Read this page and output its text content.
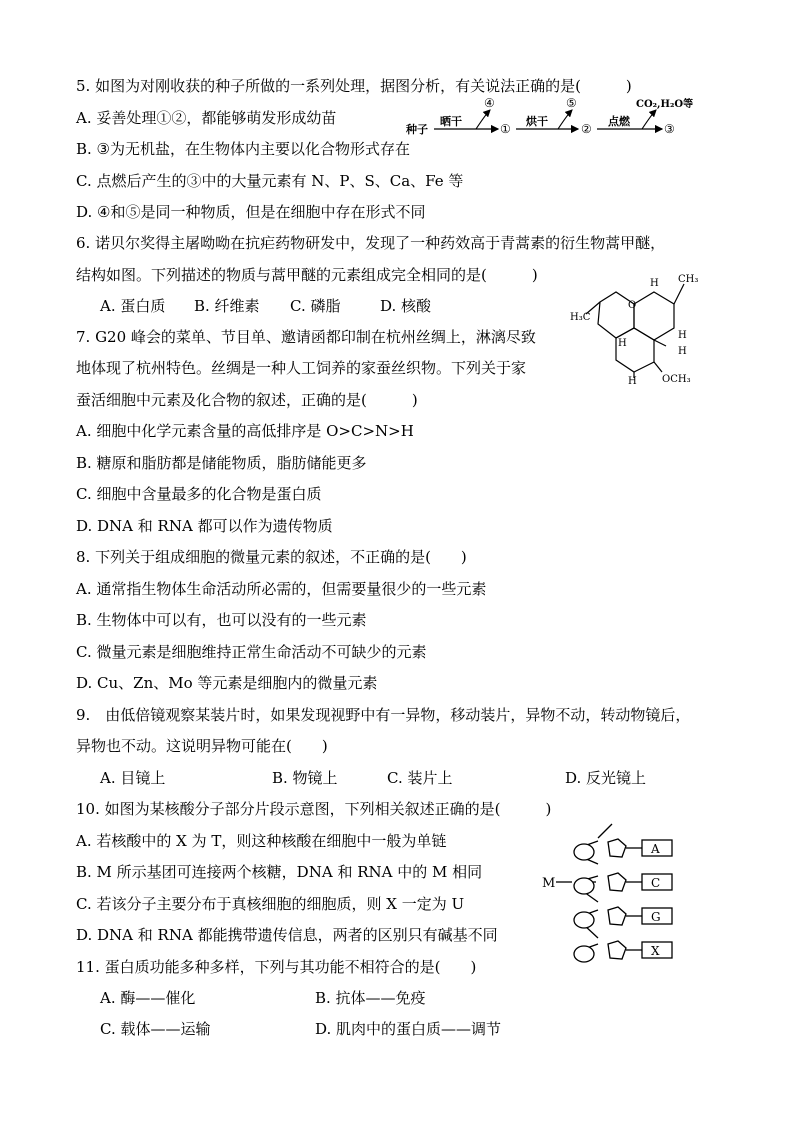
5. 如图为对刚收获的种子所做的一系列处理，据图分析，有关说法正确的是(　　　)
A. 妥善处理①②，都能够萌发形成幼苗
B. ③为无机盐，在生物体内主要以化合物形式存在
C. 点燃后产生的③中的大量元素有 N、P、S、Ca、Fe 等
D. ④和⑤是同一种物质，但是在细胞中存在形式不同
种子
晒干
④
①
烘干
⑤
②
点燃
CO₂,H₂O等
③
6. 诺贝尔奖得主屠呦呦在抗疟药物研发中，发现了一种药效高于青蒿素的衍生物蒿甲醚，
结构如图。下列描述的物质与蒿甲醚的元素组成完全相同的是(　　　)
A. 蛋白质 B. 纤维素 C. 磷脂	D. 核酸
CH₃
H₃C
H
H
H
H
H
O
OCH₃
7. G20 峰会的菜单、节目单、邀请函都印制在杭州丝绸上，淋漓尽致
地体现了杭州特色。丝绸是一种人工饲养的家蚕丝织物。下列关于家
蚕活细胞中元素及化合物的叙述，正确的是(　　　)
A. 细胞中化学元素含量的高低排序是 O>C>N>H
B. 糖原和脂肪都是储能物质，脂肪储能更多
C. 细胞中含量最多的化合物是蛋白质
D. DNA 和 RNA 都可以作为遗传物质
8. 下列关于组成细胞的微量元素的叙述，不正确的是(　　)
A. 通常指生物体生命活动所必需的，但需要量很少的一些元素
B. 生物体中可以有，也可以没有的一些元素
C. 微量元素是细胞维持正常生命活动不可缺少的元素
D. Cu、Zn、Mo 等元素是细胞内的微量元素
9.　由低倍镜观察某装片时，如果发现视野中有一异物，移动装片，异物不动，转动物镜后，
异物也不动。这说明异物可能在(　　)
A. 目镜上	B. 物镜上	C. 装片上	D. 反光镜上
10. 如图为某核酸分子部分片段示意图，下列相关叙述正确的是(　　　)
A. 若核酸中的 X 为 T，则这种核酸在细胞中一般为单链
B. M 所示基团可连接两个核糖，DNA 和 RNA 中的 M 相同
C. 若该分子主要分布于真核细胞的细胞质，则 X 一定为 U
D. DNA 和 RNA 都能携带遗传信息，两者的区别只有碱基不同
M
A
C
G
X
11. 蛋白质功能多种多样，下列与其功能不相符合的是(　　)
A. 酶——催化	B. 抗体——免疫
C. 载体——运输	D. 肌肉中的蛋白质——调节
